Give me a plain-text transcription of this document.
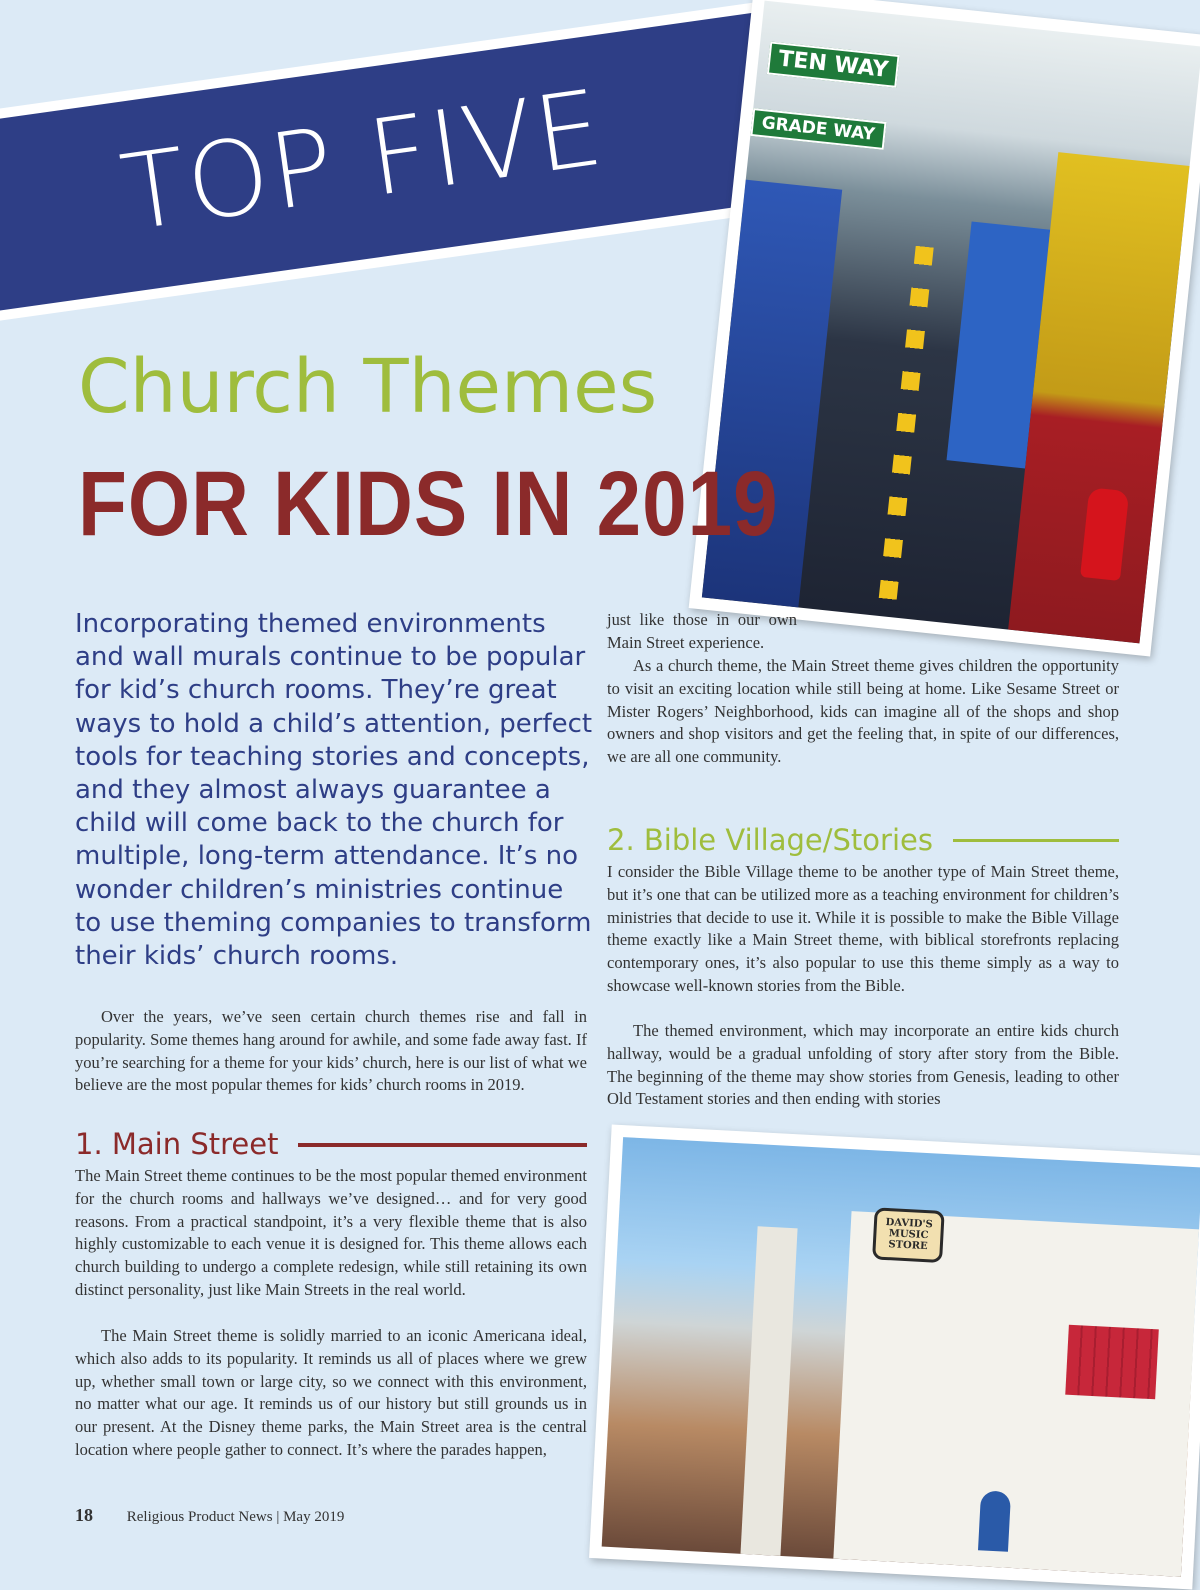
TOP FIVE
TEN WAY
GRADE WAY
Church Themes
FOR KIDS IN 2019

Incorporating themed environments and wall murals continue to be popular for kid’s church rooms. They’re great ways to hold a child’s attention, perfect tools for teaching stories and concepts, and they almost always guarantee a child will come back to the church for multiple, long-term attendance. It’s no wonder children’s ministries continue to use theming companies to transform their kids’ church rooms.

Over the years, we’ve seen certain church themes rise and fall in popularity. Some themes hang around for awhile, and some fade away fast. If you’re searching for a theme for your kids’ church, here is our list of what we believe are the most popular themes for kids’ church rooms in 2019.

1. Main Street

The Main Street theme continues to be the most popular themed environment for the church rooms and hallways we’ve designed… and for very good reasons. From a practical standpoint, it’s a very flexible theme that is also highly customizable to each venue it is designed for. This theme allows each church building to undergo a complete redesign, while still retaining its own distinct personality, just like Main Streets in the real world.

The Main Street theme is solidly married to an iconic Americana ideal, which also adds to its popularity. It reminds us all of places where we grew up, whether small town or large city, so we connect with this environment, no matter what our age. It reminds us of our history but still grounds us in our present. At the Disney theme parks, the Main Street area is the central location where people gather to connect. It’s where the parades happen,

just like those in our own Main Street experience.

As a church theme, the Main Street theme gives children the opportunity to visit an exciting location while still being at home. Like Sesame Street or Mister Rogers’ Neighborhood, kids can imagine all of the shops and shop owners and shop visitors and get the feeling that, in spite of our differences, we are all one community.

2. Bible Village/Stories

I consider the Bible Village theme to be another type of Main Street theme, but it’s one that can be utilized more as a teaching environment for children’s ministries that decide to use it. While it is possible to make the Bible Village theme exactly like a Main Street theme, with biblical storefronts replacing contemporary ones, it’s also popular to use this theme simply as a way to showcase well-known stories from the Bible.

The themed environment, which may incorporate an entire kids church hallway, would be a gradual unfolding of story after story from the Bible. The beginning of the theme may show stories from Genesis, leading to other Old Testament stories and then ending with stories

DAVID'S MUSIC STORE
18 Religious Product News | May 2019
